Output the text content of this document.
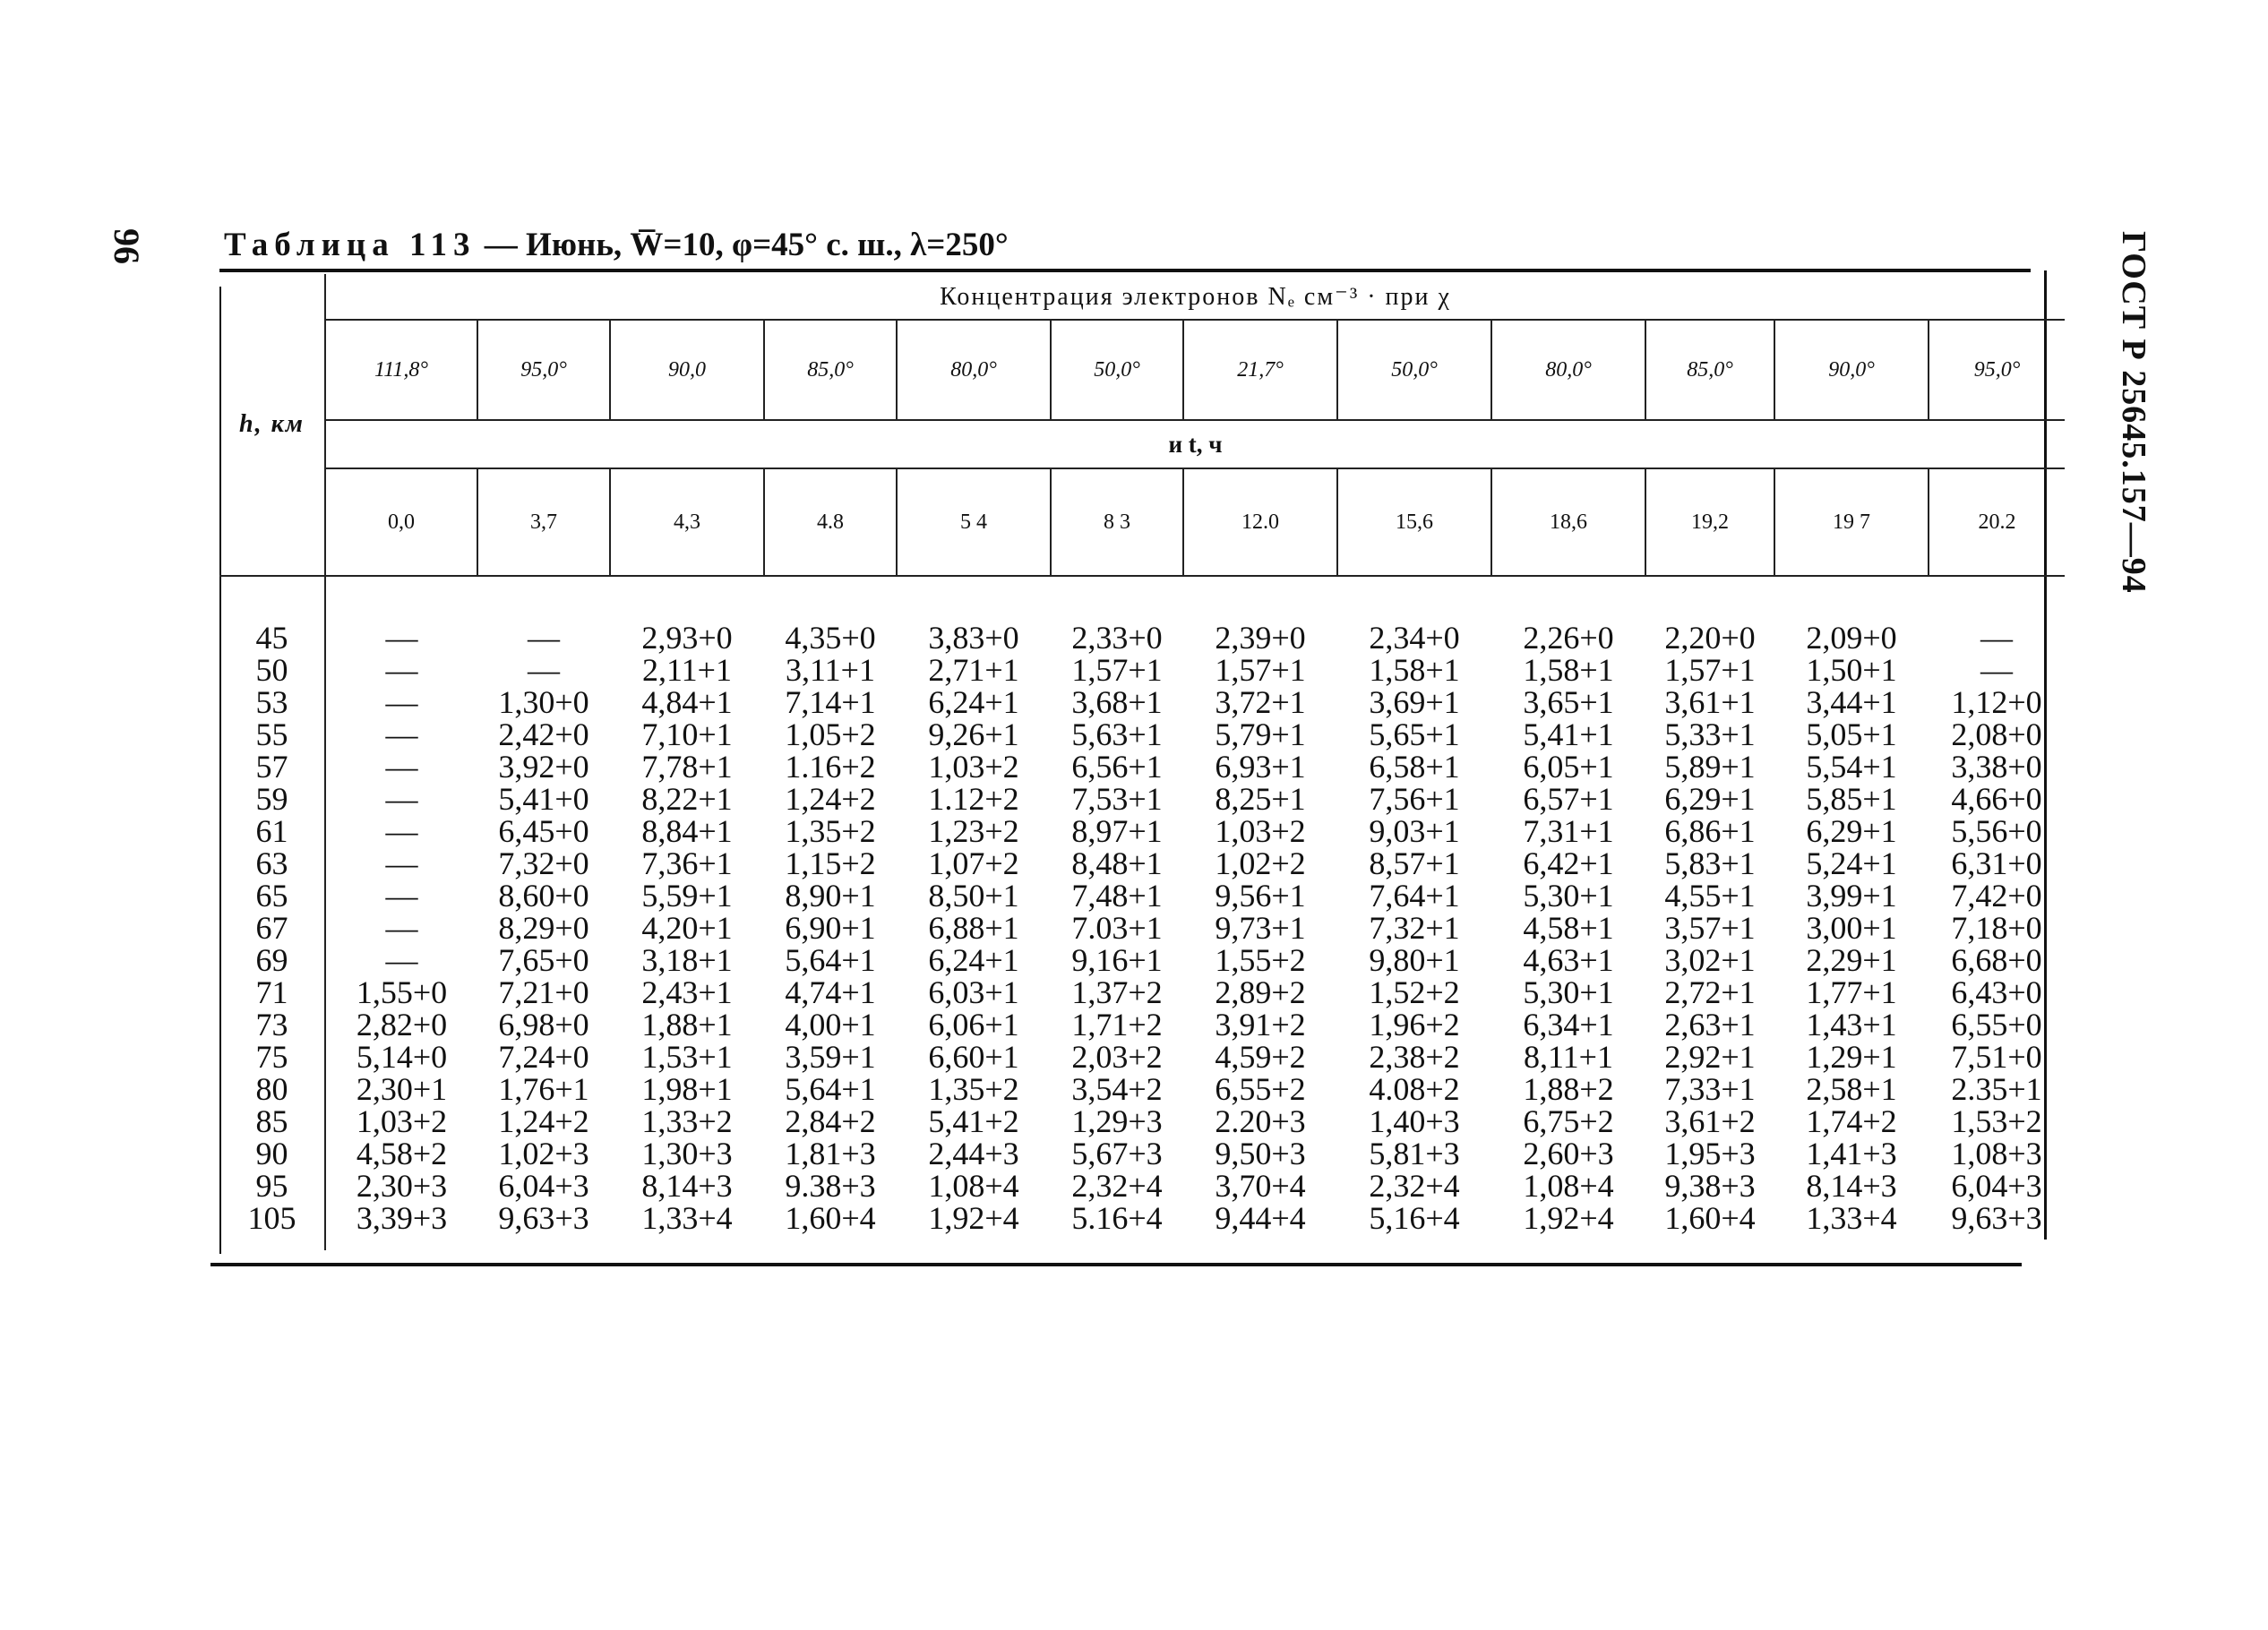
96	ГОСТ Р 25645.157—94
Таблица 113 — Июнь, W̅=10, φ=45° с. ш., λ=250°
h, км	Концентрация электронов Nₑ см⁻³ · при χ											
	111,8°	95,0°	90,0	85,0°	80,0°	50,0°	21,7°	50,0°	80,0°	85,0°	90,0°	95,0°
	и t, ч											
	0,0	3,7	4,3	4.8	5 4	8 3	12.0	15,6	18,6	19,2	19 7	20.2

45	—	—	2,93+0	4,35+0	3,83+0	2,33+0	2,39+0	2,34+0	2,26+0	2,20+0	2,09+0	—
50	—	—	2,11+1	3,11+1	2,71+1	1,57+1	1,57+1	1,58+1	1,58+1	1,57+1	1,50+1	—
53	—	1,30+0	4,84+1	7,14+1	6,24+1	3,68+1	3,72+1	3,69+1	3,65+1	3,61+1	3,44+1	1,12+0
55	—	2,42+0	7,10+1	1,05+2	9,26+1	5,63+1	5,79+1	5,65+1	5,41+1	5,33+1	5,05+1	2,08+0
57	—	3,92+0	7,78+1	1.16+2	1,03+2	6,56+1	6,93+1	6,58+1	6,05+1	5,89+1	5,54+1	3,38+0
59	—	5,41+0	8,22+1	1,24+2	1.12+2	7,53+1	8,25+1	7,56+1	6,57+1	6,29+1	5,85+1	4,66+0
61	—	6,45+0	8,84+1	1,35+2	1,23+2	8,97+1	1,03+2	9,03+1	7,31+1	6,86+1	6,29+1	5,56+0
63	—	7,32+0	7,36+1	1,15+2	1,07+2	8,48+1	1,02+2	8,57+1	6,42+1	5,83+1	5,24+1	6,31+0
65	—	8,60+0	5,59+1	8,90+1	8,50+1	7,48+1	9,56+1	7,64+1	5,30+1	4,55+1	3,99+1	7,42+0
67	—	8,29+0	4,20+1	6,90+1	6,88+1	7.03+1	9,73+1	7,32+1	4,58+1	3,57+1	3,00+1	7,18+0
69	—	7,65+0	3,18+1	5,64+1	6,24+1	9,16+1	1,55+2	9,80+1	4,63+1	3,02+1	2,29+1	6,68+0
71	1,55+0	7,21+0	2,43+1	4,74+1	6,03+1	1,37+2	2,89+2	1,52+2	5,30+1	2,72+1	1,77+1	6,43+0
73	2,82+0	6,98+0	1,88+1	4,00+1	6,06+1	1,71+2	3,91+2	1,96+2	6,34+1	2,63+1	1,43+1	6,55+0
75	5,14+0	7,24+0	1,53+1	3,59+1	6,60+1	2,03+2	4,59+2	2,38+2	8,11+1	2,92+1	1,29+1	7,51+0
80	2,30+1	1,76+1	1,98+1	5,64+1	1,35+2	3,54+2	6,55+2	4.08+2	1,88+2	7,33+1	2,58+1	2.35+1
85	1,03+2	1,24+2	1,33+2	2,84+2	5,41+2	1,29+3	2.20+3	1,40+3	6,75+2	3,61+2	1,74+2	1,53+2
90	4,58+2	1,02+3	1,30+3	1,81+3	2,44+3	5,67+3	9,50+3	5,81+3	2,60+3	1,95+3	1,41+3	1,08+3
95	2,30+3	6,04+3	8,14+3	9.38+3	1,08+4	2,32+4	3,70+4	2,32+4	1,08+4	9,38+3	8,14+3	6,04+3
105	3,39+3	9,63+3	1,33+4	1,60+4	1,92+4	5.16+4	9,44+4	5,16+4	1,92+4	1,60+4	1,33+4	9,63+3
